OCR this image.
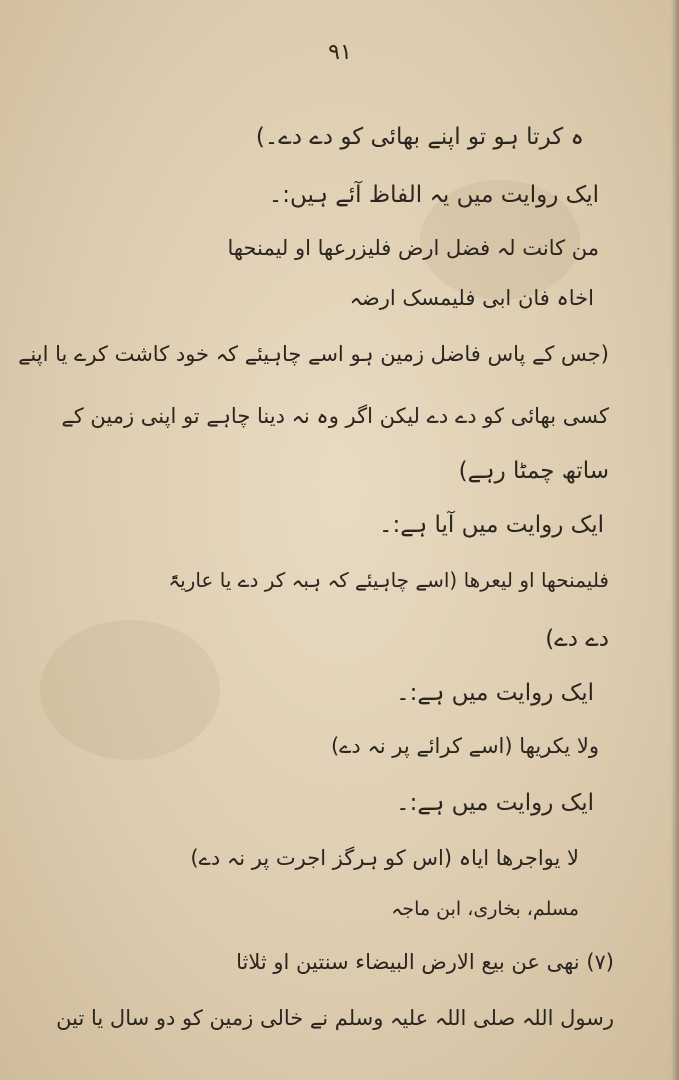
۹۱
ہ کرتا ہو تو اپنے بھائی کو دے دے۔)
ایک روایت میں یہ الفاظ آئے ہیں:۔
من کانت لہ فضل ارض فلیزرعھا او لیمنحھا
اخاہ فان ابی فلیمسک ارضہ
(جس کے پاس فاضل زمین ہو اسے چاہیئے کہ خود کاشت کرے یا اپنے
کسی بھائی کو دے دے لیکن اگر وہ نہ دینا چاہے تو اپنی زمین کے
ساتھ چمٹا رہے)
ایک روایت میں آیا ہے:۔
فلیمنحھا او لیعرھا (اسے چاہیئے کہ ہبہ کر دے یا عاریۃً
دے دے)
ایک روایت میں ہے:۔
ولا یکریھا (اسے کرائے پر نہ دے)
ایک روایت میں ہے:۔
لا یواجرھا ایاہ (اس کو ہرگز اجرت پر نہ دے)
مسلم، بخاری، ابن ماجہ
(۷) نھی عن بیع الارض البیضاء سنتین او ثلاثا
رسول اللہ صلی اللہ علیہ وسلم نے خالی زمین کو دو سال یا تین
